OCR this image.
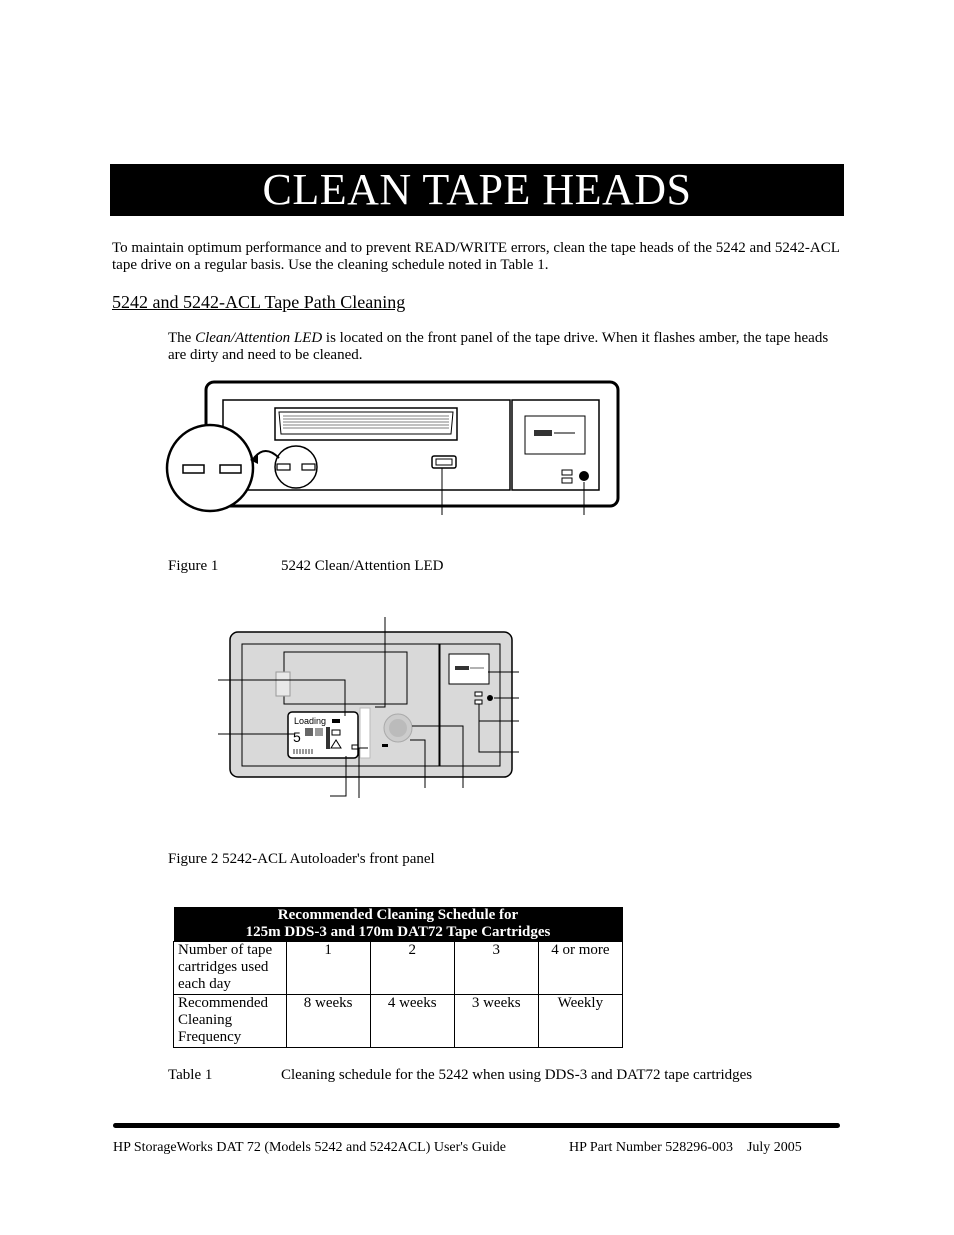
CLEAN TAPE HEADS
To maintain optimum performance and to prevent READ/WRITE errors, clean the tape heads of the 5242 and 5242-ACL tape drive on a regular basis. Use the cleaning schedule noted in Table 1.
5242 and 5242-ACL Tape Path Cleaning
The Clean/Attention LED is located on the front panel of the tape drive. When it flashes amber, the tape heads are dirty and need to be cleaned.
Figure 1	5242 Clean/Attention LED
Loading
5
Figure 2 5242-ACL Autoloader's front panel
Recommended Cleaning Schedule for
125m DDS-3 and 170m DAT72 Tape Cartridges				

Number of tape cartridges used each day	1	2	3	4 or more
Recommended Cleaning Frequency	8 weeks	4 weeks	3 weeks	Weekly
Table 1	Cleaning schedule for the 5242 when using DDS-3 and DAT72 tape cartridges
HP StorageWorks DAT 72 (Models 5242 and 5242ACL) User's Guide	HP Part Number 528296-003    July 2005
